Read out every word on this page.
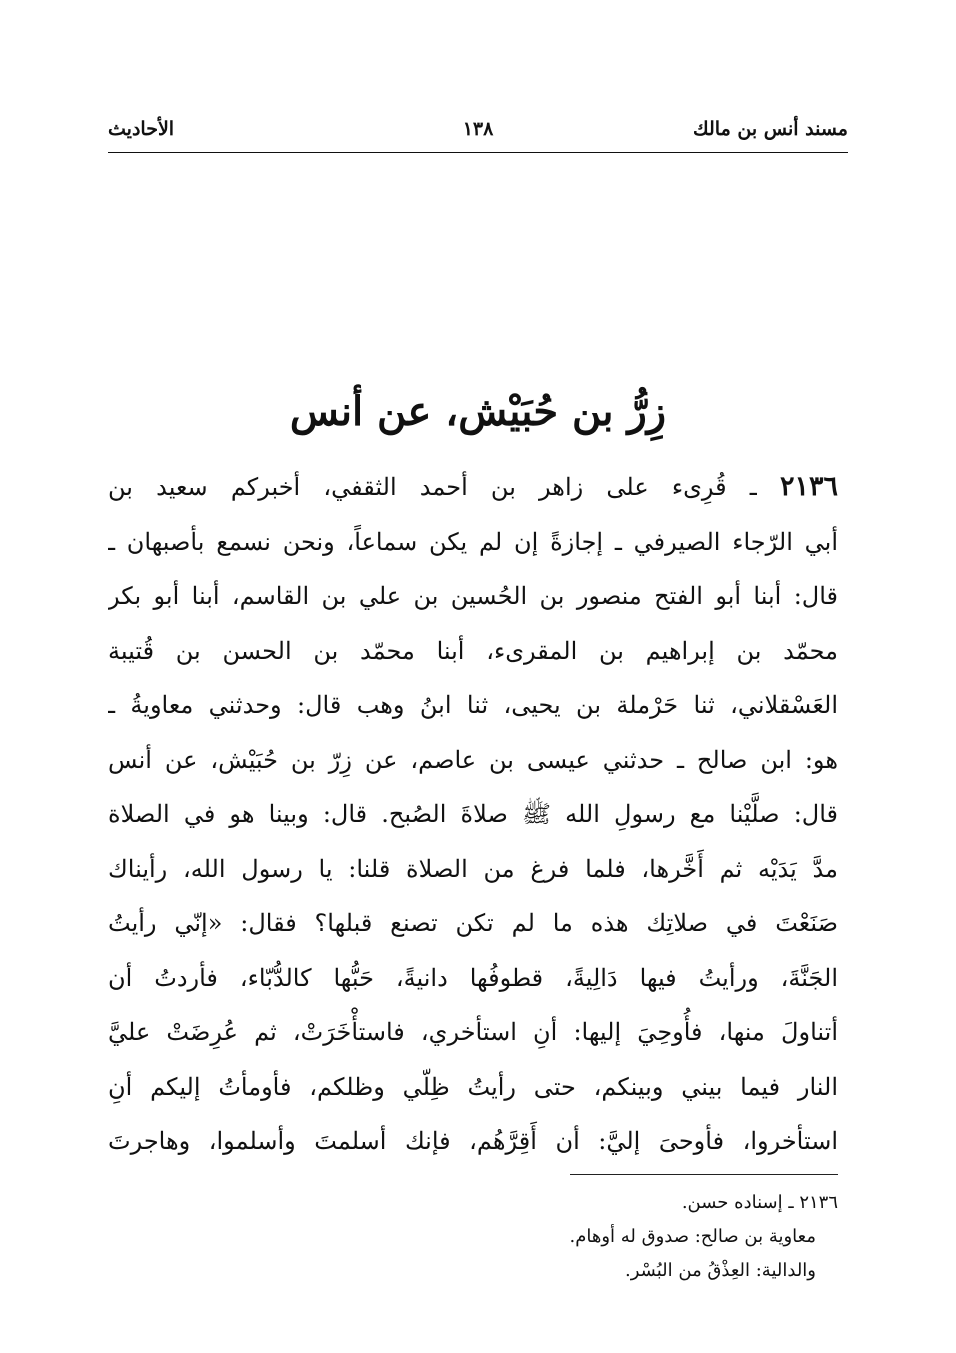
مسند أنس بن مالك
١٣٨
الأحاديث
زِرُّ بن حُبَيْش، عن أنس
٢١٣٦ ـ قُرِىء على زاهر بن أحمد الثقفي، أخبركم سعيد بن
أبي الرّجاء الصيرفي ـ إجازةً إن لم يكن سماعاً، ونحن نسمع بأصبهان ـ
قال: أبنا أبو الفتح منصور بن الحُسين بن علي بن القاسم، أبنا أبو بكر
محمّد بن إبراهيم بن المقرىء، أبنا محمّد بن الحسن بن قُتيبة
العَسْقلاني، ثنا حَرْملة بن يحيى، ثنا ابنُ وهب قال: وحدثني معاويةُ ـ
هو: ابن صالح ـ حدثني عيسى بن عاصم، عن زِرّ بن حُبَيْش، عن أنس
قال: صلَّيْنا مع رسولِ الله ﷺ صلاةَ الصُبح. قال: وبينا هو في الصلاة
مدَّ يَدَيْه ثم أَخَّرها، فلما فرغ من الصلاة قلنا: يا رسول الله، رأيناك
صَنَعْتَ في صلاتِك هذه ما لم تكن تصنع قبلها؟ فقال: «إنّي رأيتُ
الجَنَّةَ، ورأيتُ فيها دَالِيةً، قطوفُها دانيةً، حَبُّها كالدُّبّاء، فأردتُ أن
أتناولَ منها، فأُوحِيَ إليها: أنِ استأخري، فاستأْخَرَتْ، ثم عُرِضَتْ عليَّ
النار فيما بيني وبينكم، حتى رأيتُ ظِلّي وظلكم، فأومأتُ إليكم أنِ
استأخروا، فأوحىَ إليَّ: أن أَقِرَّهُم، فإنك أسلمتَ وأسلموا، وهاجرتَ
٢١٣٦ ـ إسناده حسن.
معاوية بن صالح: صدوق له أوهام.
والدالية: العِذْقُ من البُسْر.
